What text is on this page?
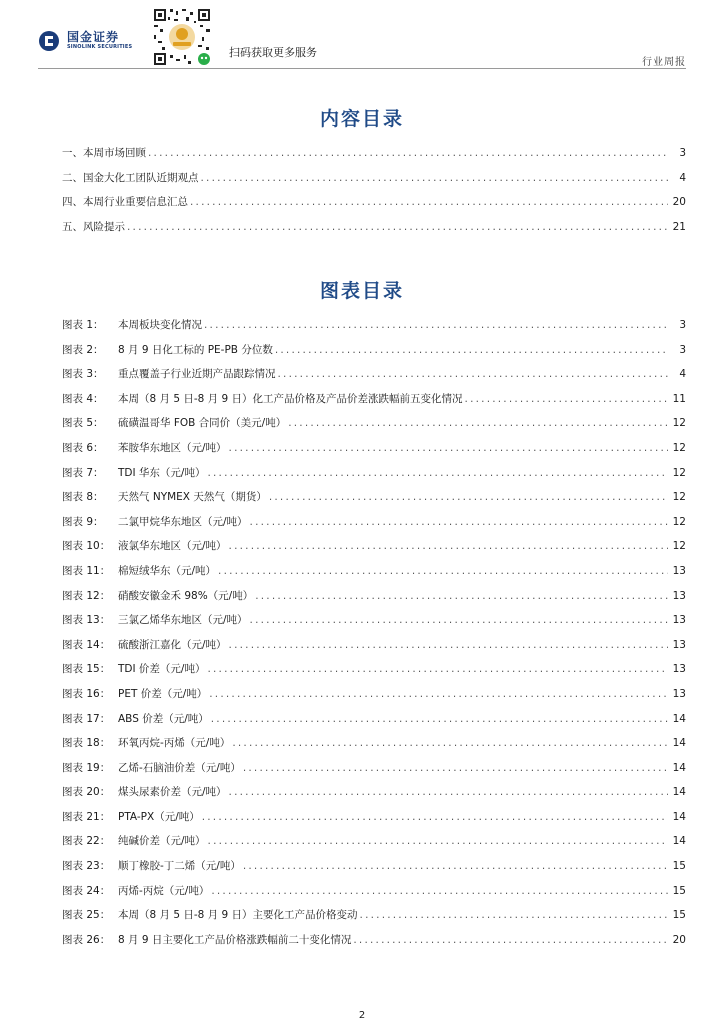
国金证券
SINOLINK SECURITIES	扫码获取更多服务
行业周报
内容目录
一、本周市场回顾 .....	3
二、国金大化工团队近期观点 .....	4
四、本周行业重要信息汇总 .....	20
五、风险提示 .....	21
图表目录
图表 1： 本周板块变化情况 .....	3
图表 2： 8 月 9 日化工标的 PE-PB 分位数 .....	3
图表 3： 重点覆盖子行业近期产品跟踪情况 .....	4
图表 4： 本周（8 月 5 日-8 月 9 日）化工产品价格及产品价差涨跌幅前五变化情况 .....	11
图表 5： 硫磺温哥华 FOB 合同价（美元/吨） .....	12
图表 6： 苯胺华东地区（元/吨） .....	12
图表 7： TDI 华东（元/吨） .....	12
图表 8： 天然气 NYMEX 天然气（期货） .....	12
图表 9： 二氯甲烷华东地区（元/吨） .....	12
图表 10： 液氯华东地区（元/吨） .....	12
图表 11： 棉短绒华东（元/吨） .....	13
图表 12： 硝酸安徽金禾 98%（元/吨） .....	13
图表 13： 三氯乙烯华东地区（元/吨） .....	13
图表 14： 硫酸浙江嘉化（元/吨） .....	13
图表 15： TDI 价差（元/吨） .....	13
图表 16： PET 价差（元/吨） .....	13
图表 17： ABS 价差（元/吨） .....	14
图表 18： 环氧丙烷-丙烯（元/吨） .....	14
图表 19： 乙烯-石脑油价差（元/吨） .....	14
图表 20： 煤头尿素价差（元/吨） .....	14
图表 21： PTA-PX（元/吨） .....	14
图表 22： 纯碱价差（元/吨） .....	14
图表 23： 顺丁橡胶-丁二烯（元/吨） .....	15
图表 24： 丙烯-丙烷（元/吨） .....	15
图表 25： 本周（8 月 5 日-8 月 9 日）主要化工产品价格变动 .....	15
图表 26： 8 月 9 日主要化工产品价格涨跌幅前二十变化情况 .....	20
2
